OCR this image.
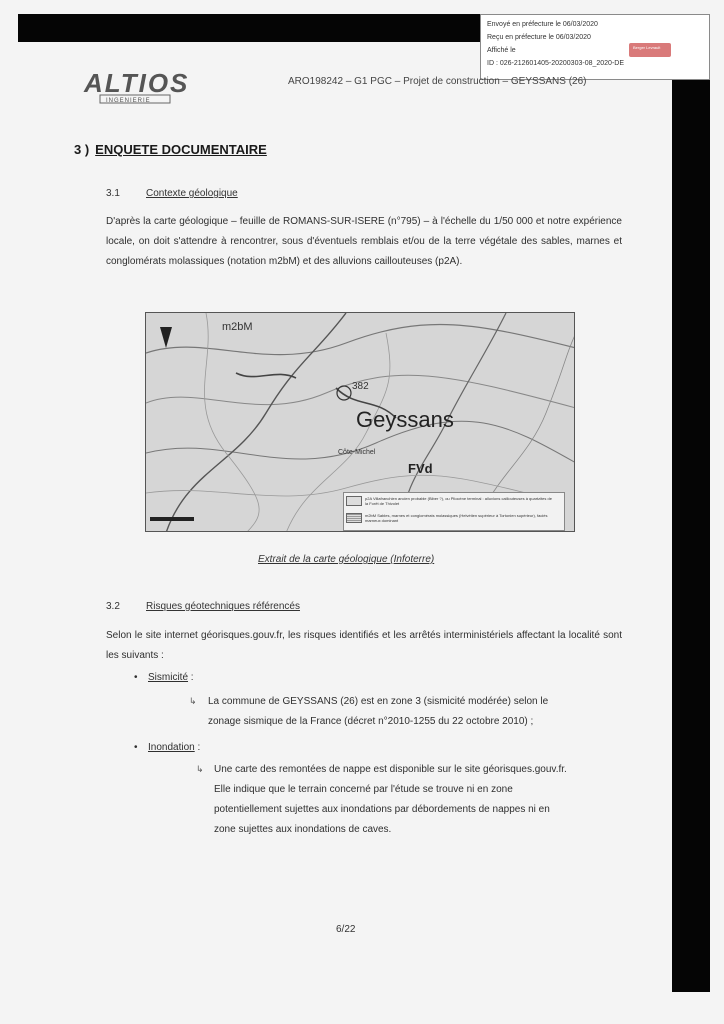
Envoyé en préfecture le 06/03/2020
Reçu en préfecture le 06/03/2020
Affiché le
ID : 026-212601405-20200303-08_2020-DE
Berger Levrault
ALTIOS
INGENIERIE
ARO198242 – G1 PGC – Projet de construction – GEYSSANS (26)
3 ) ENQUETE DOCUMENTAIRE
3.1	Contexte géologique
D'après la carte géologique – feuille de ROMANS-SUR-ISERE (n°795) – à l'échelle du 1/50 000 et notre expérience locale, on doit s'attendre à rencontrer, sous d'éventuels remblais et/ou de la terre végétale des sables, marnes et conglomérats molassiques (notation m2bM) et des alluvions caillouteuses (p2A).
m2bM
382
Geyssans
Côte-Michel
FVd
p2A Villafranchien ancien probable (Biber ?), ou Pliocène terminal : alluvions caillouteuses à quartzites de la Forêt de Thivolet
m2bM Sables, marnes et conglomérats molassiques (Helvétien supérieur à Tortonien supérieur), faciès marneux dominant
Extrait de la carte géologique (Infoterre)
3.2	Risques géotechniques référencés
Selon le site internet géorisques.gouv.fr, les risques identifiés et les arrêtés interministériels affectant la localité sont les suivants :
• Sismicité :
↳ La commune de GEYSSANS (26) est en zone 3 (sismicité modérée) selon le
zonage sismique de la France (décret n°2010-1255 du 22 octobre 2010) ;
• Inondation :
↳ Une carte des remontées de nappe est disponible sur le site géorisques.gouv.fr.
Elle indique que le terrain concerné par l'étude se trouve ni en zone
potentiellement sujettes aux inondations par débordements de nappes ni en
zone sujettes aux inondations de caves.
6/22
